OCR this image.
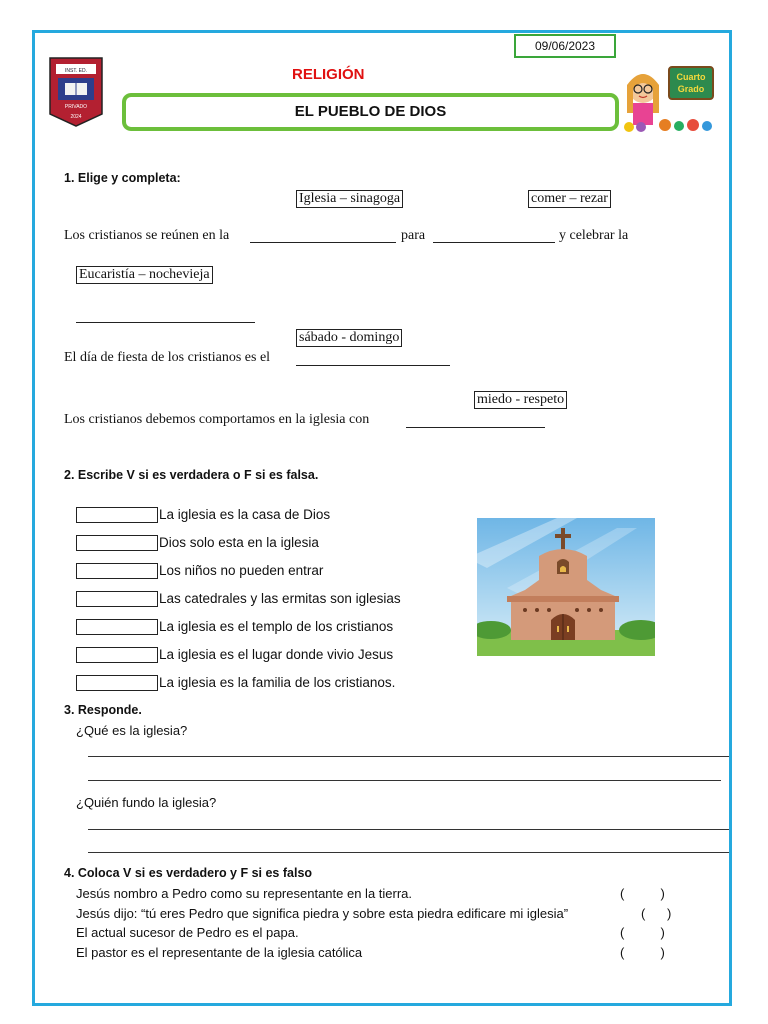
09/06/2023
RELIGIÓN
EL PUEBLO DE DIOS
INST. ED.
PRIVADO
2024
Cuarto
Grado
1. Elige y completa:
Iglesia – sinagoga	comer – rezar
Los cristianos se reúnen en la	para	y celebrar la
Eucaristía – nochevieja
sábado - domingo
El día de fiesta de los cristianos es el
miedo - respeto
Los cristianos debemos comportamos en la iglesia con
2. Escribe V si es verdadera o F si es falsa.
La iglesia es la casa de Dios
Dios solo esta en la iglesia
Los niños no pueden entrar
Las catedrales y las ermitas son iglesias
La iglesia es el templo de los cristianos
La iglesia es el lugar donde vivio Jesus
La iglesia es la familia de los cristianos.
3. Responde.
¿Qué es la iglesia?
¿Quién fundo la iglesia?
4. Coloca V si es verdadero y F si es falso
Jesús nombro a Pedro como su representante en la tierra.	(          )
Jesús dijo: “tú eres Pedro que significa piedra y sobre esta piedra edificare mi iglesia”	(      )
El actual sucesor de Pedro es el papa.	(          )
El pastor es el representante de la iglesia católica	(          )
